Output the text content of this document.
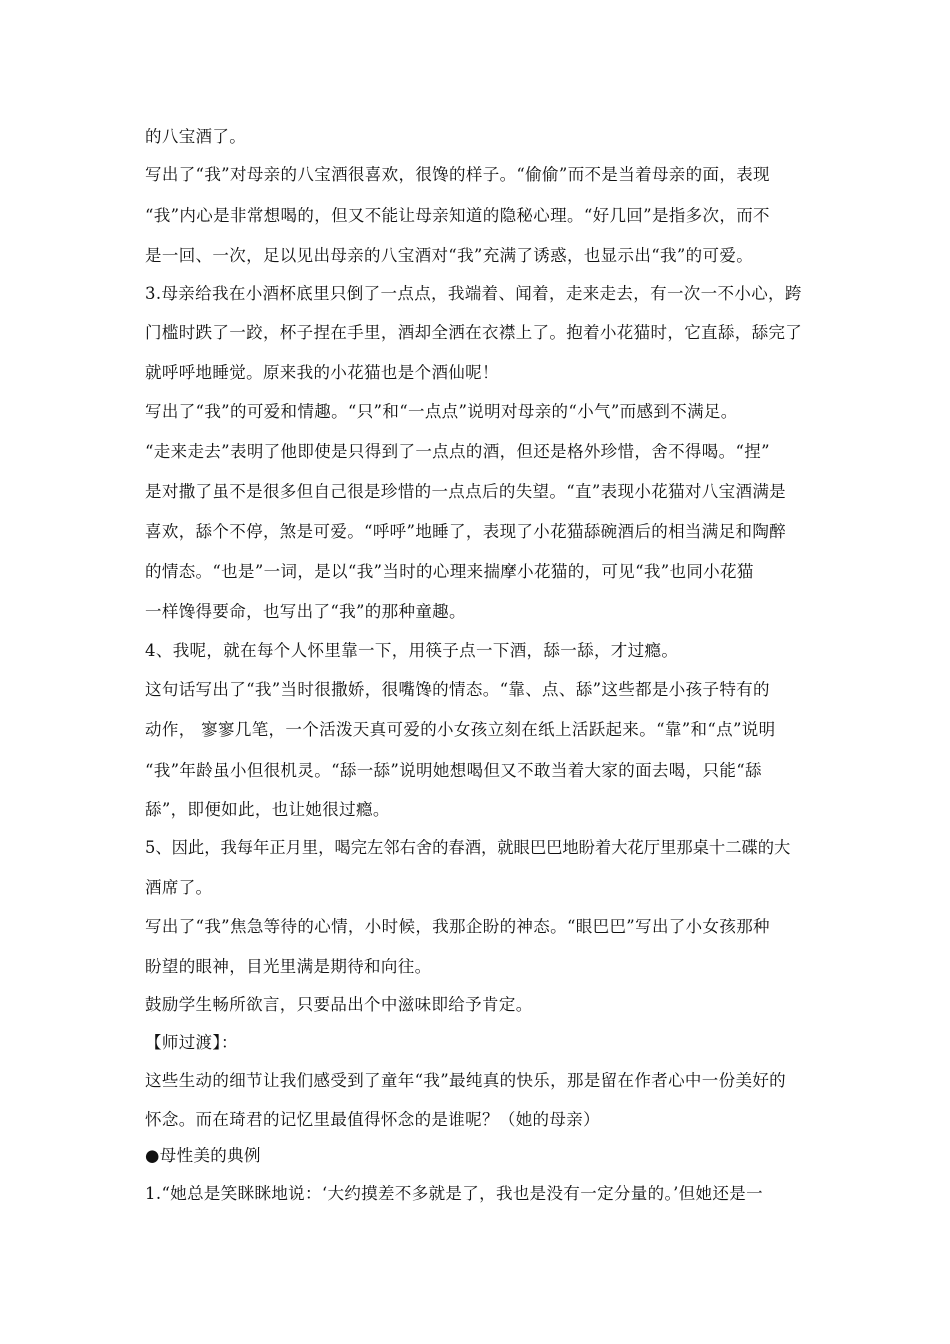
的八宝酒了。
写出了“我”对母亲的八宝酒很喜欢，很馋的样子。“偷偷”而不是当着母亲的面，表现
“我”内心是非常想喝的，但又不能让母亲知道的隐秘心理。“好几回”是指多次，而不
是一回、一次，足以见出母亲的八宝酒对“我”充满了诱惑，也显示出“我”的可爱。
3.母亲给我在小酒杯底里只倒了一点点，我端着、闻着，走来走去，有一次一不小心，跨
门槛时跌了一跤，杯子捏在手里，酒却全洒在衣襟上了。抱着小花猫时，它直舔，舔完了
就呼呼地睡觉。原来我的小花猫也是个酒仙呢！
写出了“我”的可爱和情趣。“只”和“一点点”说明对母亲的“小气”而感到不满足。
“走来走去”表明了他即使是只得到了一点点的酒，但还是格外珍惜，舍不得喝。“捏”
是对撒了虽不是很多但自己很是珍惜的一点点后的失望。“直”表现小花猫对八宝酒满是
喜欢，舔个不停，煞是可爱。“呼呼”地睡了，表现了小花猫舔碗酒后的相当满足和陶醉
的情态。“也是”一词，是以“我”当时的心理来揣摩小花猫的，可见“我”也同小花猫
一样馋得要命，也写出了“我”的那种童趣。
4、我呢，就在每个人怀里靠一下，用筷子点一下酒，舔一舔，才过瘾。
这句话写出了“我”当时很撒娇，很嘴馋的情态。“靠、点、舔”这些都是小孩子特有的
动作， 寥寥几笔，一个活泼天真可爱的小女孩立刻在纸上活跃起来。“靠”和“点”说明
“我”年龄虽小但很机灵。“舔一舔”说明她想喝但又不敢当着大家的面去喝，只能“舔
舔”，即便如此，也让她很过瘾。
5、因此，我每年正月里，喝完左邻右舍的春酒，就眼巴巴地盼着大花厅里那桌十二碟的大
酒席了。
写出了“我”焦急等待的心情，小时候，我那企盼的神态。“眼巴巴”写出了小女孩那种
盼望的眼神，目光里满是期待和向往。
鼓励学生畅所欲言，只要品出个中滋味即给予肯定。
【师过渡】：
这些生动的细节让我们感受到了童年“我”最纯真的快乐，那是留在作者心中一份美好的
怀念。而在琦君的记忆里最值得怀念的是谁呢？（她的母亲）
●母性美的典例
1.“她总是笑眯眯地说：‘大约摸差不多就是了，我也是没有一定分量的。’但她还是一
